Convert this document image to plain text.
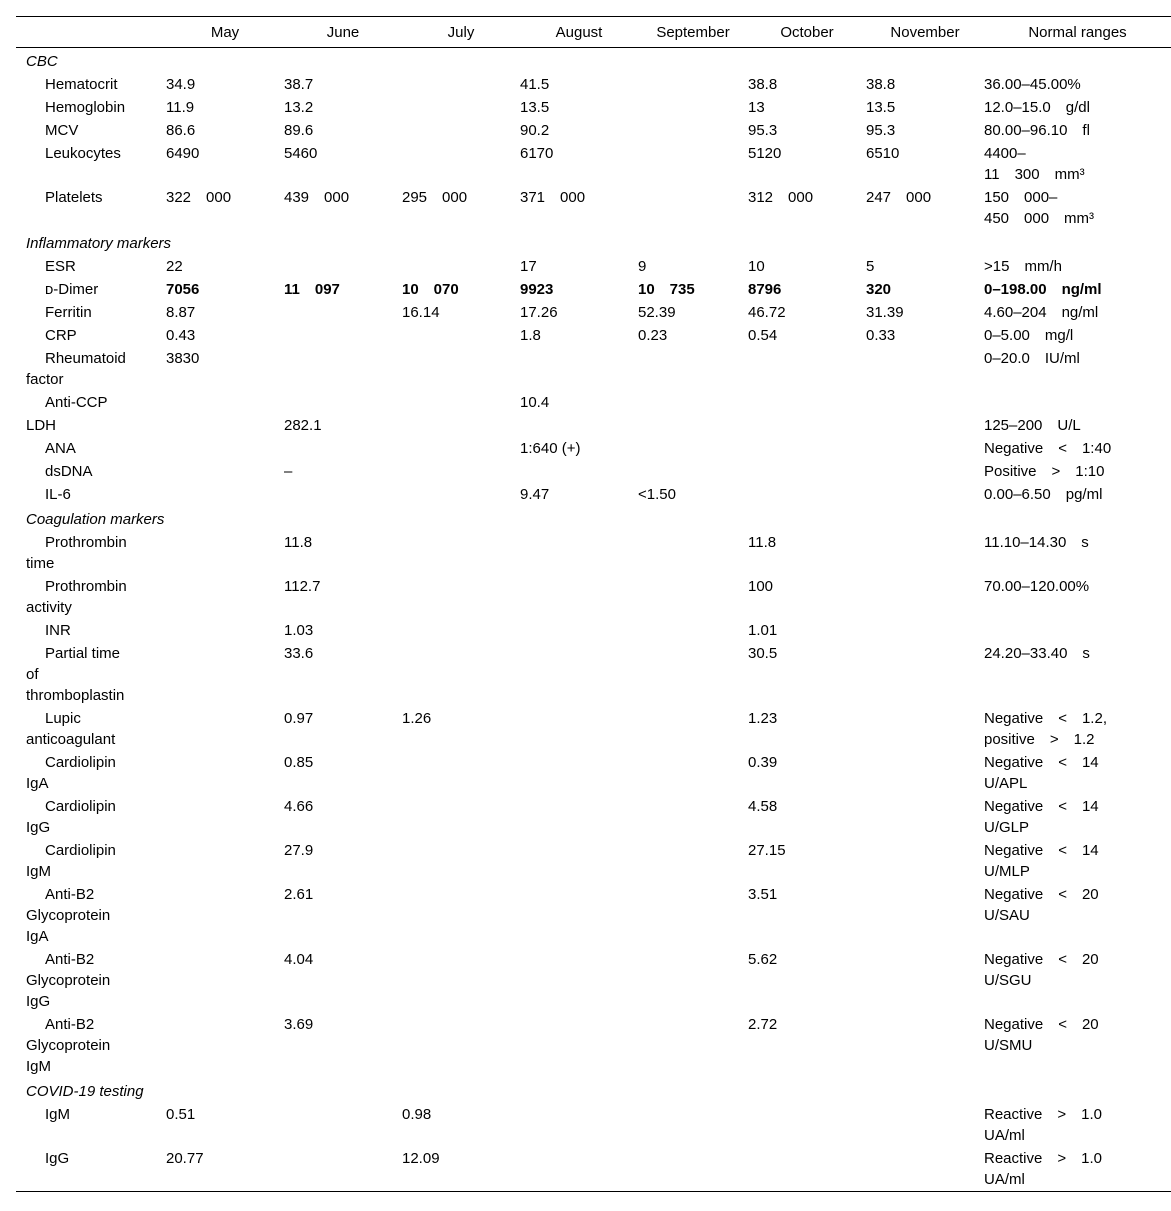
	May	June	July	August	September	October	November	Normal ranges
CBC								
Hematocrit	34.9	38.7		41.5		38.8	38.8	36.00–45.00%
Hemoglobin	11.9	13.2		13.5		13	13.5	12.0–15.0 g/dl
MCV	86.6	89.6		90.2		95.3	95.3	80.00–96.10 fl
Leukocytes	6490	5460		6170		5120	6510	4400–
11 300 mm³
Platelets	322 000	439 000	295 000	371 000		312 000	247 000	150 000–
450 000 mm³
Inflammatory markers								
ESR	22			17	9	10	5	>15 mm/h
ᴅ-Dimer	7056	11 097	10 070	9923	10 735	8796	320	0–198.00 ng/ml
Ferritin	8.87		16.14	17.26	52.39	46.72	31.39	4.60–204 ng/ml
CRP	0.43			1.8	0.23	0.54	0.33	0–5.00 mg/l
Rheumatoid
factor	3830							0–20.0 IU/ml
Anti-CCP				10.4				
LDH		282.1						125–200 U/L
ANA				1:640 (+)				Negative < 1:40
dsDNA		–						Positive > 1:10
IL-6				9.47	<1.50			0.00–6.50 pg/ml
Coagulation markers								
Prothrombin
time		11.8				11.8		11.10–14.30 s
Prothrombin
activity		112.7				100		70.00–120.00%
INR		1.03				1.01		
Partial time
of
thromboplastin		33.6				30.5		24.20–33.40 s
Lupic
anticoagulant		0.97	1.26			1.23		Negative < 1.2,
positive > 1.2
Cardiolipin
IgA		0.85				0.39		Negative < 14
U/APL
Cardiolipin
IgG		4.66				4.58		Negative < 14
U/GLP
Cardiolipin
IgM		27.9				27.15		Negative < 14
U/MLP
Anti-B2
Glycoprotein
IgA		2.61				3.51		Negative < 20
U/SAU
Anti-B2
Glycoprotein
IgG		4.04				5.62		Negative < 20
U/SGU
Anti-B2
Glycoprotein
IgM		3.69				2.72		Negative < 20
U/SMU
COVID-19 testing								
IgM	0.51		0.98					Reactive > 1.0
UA/ml
IgG	20.77		12.09					Reactive > 1.0
UA/ml
